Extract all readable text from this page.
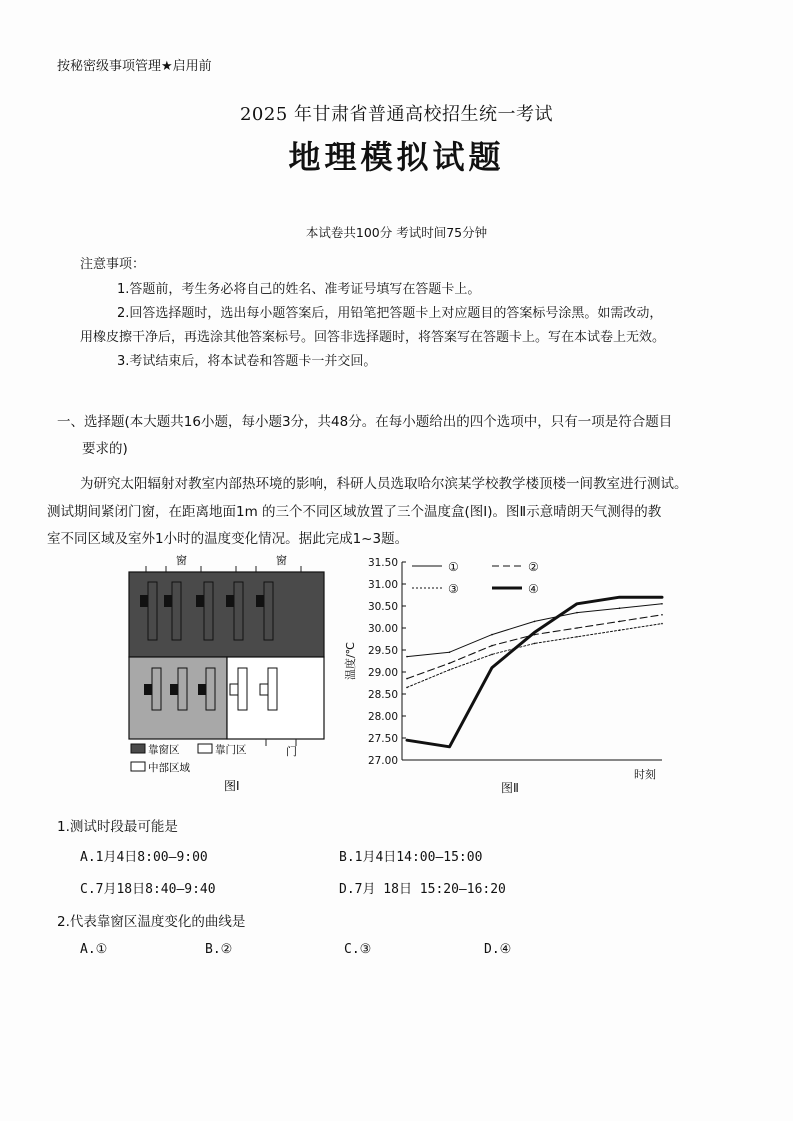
按秘密级事项管理★启用前
2025 年甘肃省普通高校招生统一考试
地理模拟试题
本试卷共100分 考试时间75分钟
注意事项：
1.答题前，考生务必将自己的姓名、准考证号填写在答题卡上。
2.回答选择题时，选出每小题答案后，用铅笔把答题卡上对应题目的答案标号涂黑。如需改动，
用橡皮擦干净后，再选涂其他答案标号。回答非选择题时，将答案写在答题卡上。写在本试卷上无效。
3.考试结束后，将本试卷和答题卡一并交回。
一、选择题(本大题共16小题，每小题3分，共48分。在每小题给出的四个选项中，只有一项是符合题目
要求的)
为研究太阳辐射对教室内部热环境的影响，科研人员选取哈尔滨某学校教学楼顶楼一间教室进行测试。
测试期间紧闭门窗，在距离地面1m 的三个不同区域放置了三个温度盒(图Ⅰ)。图Ⅱ示意晴朗天气测得的教
室不同区域及室外1小时的温度变化情况。据此完成1~3题。
窗	窗
门
靠窗区	靠门区
中部区域
图Ⅰ
31.50
31.00
30.50
30.00
29.50
29.00
28.50
28.00
27.50
27.00
温度/℃
时刻
图Ⅱ
①	②
③	④
1.测试时段最可能是
A.1月4日8:00—9:00	B.1月4日14:00—15:00
C.7月18日8:40—9:40	D.7月 18日 15:20—16:20
2.代表靠窗区温度变化的曲线是
A.①	B.②	C.③	D.④
